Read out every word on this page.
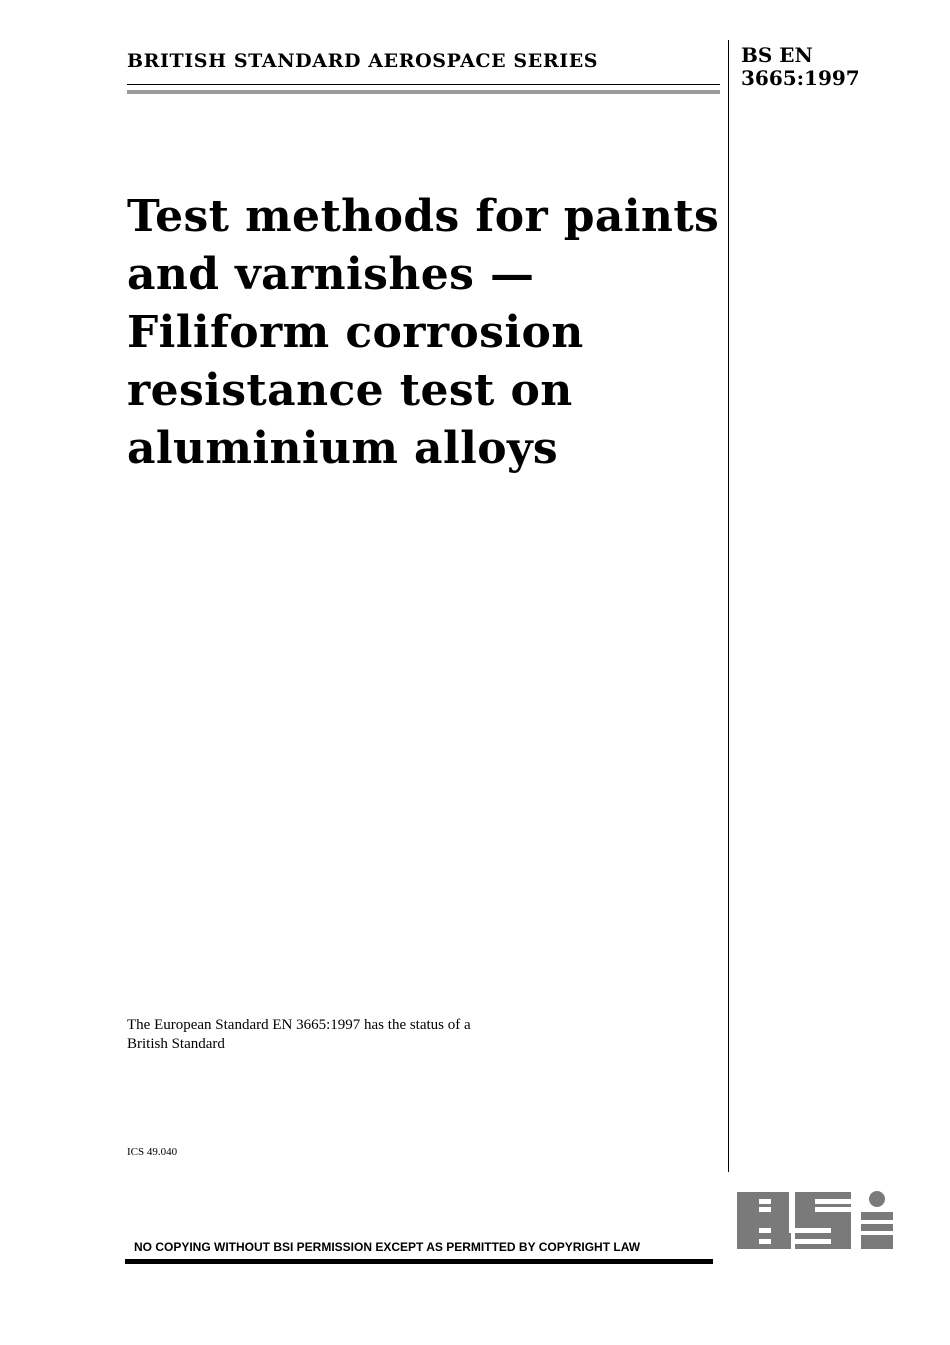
BRITISH STANDARD AEROSPACE SERIES	BS EN
3665:1997
Test methods for paints
and varnishes —
Filiform corrosion
resistance test on
aluminium alloys
The European Standard EN 3665:1997 has the status of a
British Standard
ICS 49.040
NO COPYING WITHOUT BSI PERMISSION EXCEPT AS PERMITTED BY COPYRIGHT LAW
BSi
